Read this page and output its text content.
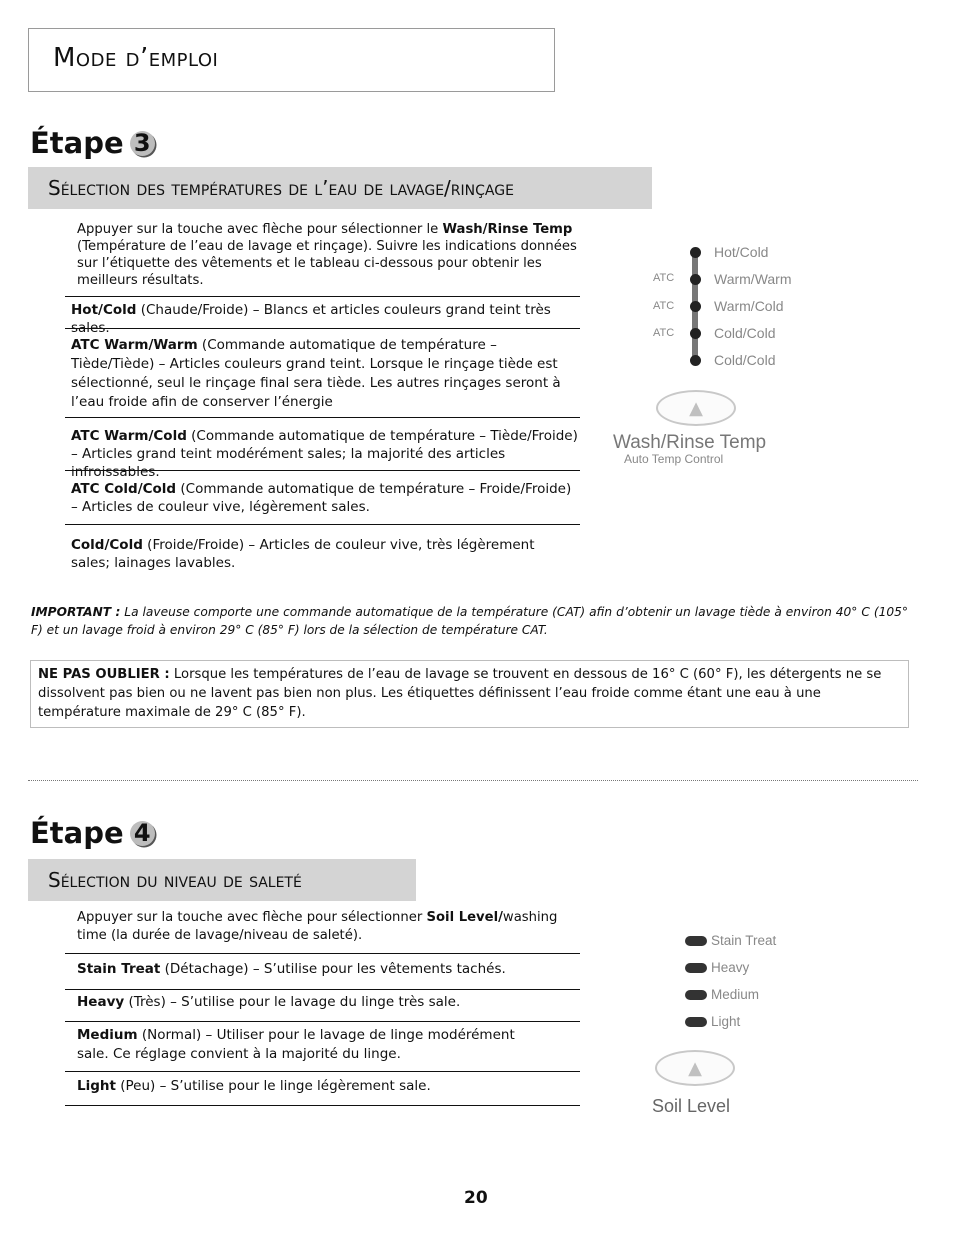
Mode d’emploi
Étape 3
Sélection des températures de l’eau de lavage/rinçage
Appuyer sur la touche avec flèche pour sélectionner le Wash/Rinse Temp (Température de l’eau de lavage et rinçage). Suivre les indications données sur l’étiquette des vêtements et le tableau ci-dessous pour obtenir les meilleurs résultats.
Hot/Cold (Chaude/Froide) – Blancs et articles couleurs grand teint très sales.
ATC Warm/Warm (Commande automatique de température – Tiède/Tiède) – Articles couleurs grand teint. Lorsque le rinçage tiède est sélectionné, seul le rinçage final sera tiède. Les autres rinçages seront à l’eau froide afin de conserver l’énergie
ATC Warm/Cold (Commande automatique de température – Tiède/Froide) – Articles grand teint modérément sales; la majorité des articles infroissables.
ATC Cold/Cold (Commande automatique de température – Froide/Froide) – Articles de couleur vive, légèrement sales.
Cold/Cold (Froide/Froide) – Articles de couleur vive, très légèrement sales; lainages lavables.
ATC
ATC
ATC
Hot/Cold
Warm/Warm
Warm/Cold
Cold/Cold
Cold/Cold
▲
Wash/Rinse Temp
Auto Temp Control
IMPORTANT : La laveuse comporte une commande automatique de la température (CAT) afin d’obtenir un lavage tiède à environ 40° C (105° F) et un lavage froid à environ 29° C (85° F) lors de la sélection de température CAT.
NE PAS OUBLIER : Lorsque les températures de l’eau de lavage se trouvent en dessous de 16° C (60° F), les détergents ne se dissolvent pas bien ou ne lavent pas bien non plus. Les étiquettes définissent l’eau froide comme étant une eau à une température maximale de 29° C (85° F).
Étape 4
Sélection du niveau de saleté
Appuyer sur la touche avec flèche pour sélectionner Soil Level/washing time (la durée de lavage/niveau de saleté).
Stain Treat (Détachage) – S’utilise pour les vêtements tachés.
Heavy (Très) – S’utilise pour le lavage du linge très sale.
Medium (Normal) – Utiliser pour le lavage de linge modérément sale. Ce réglage convient à la majorité du linge.
Light (Peu) – S’utilise pour le linge légèrement sale.
Stain Treat
Heavy
Medium
Light
▲
Soil Level
20
